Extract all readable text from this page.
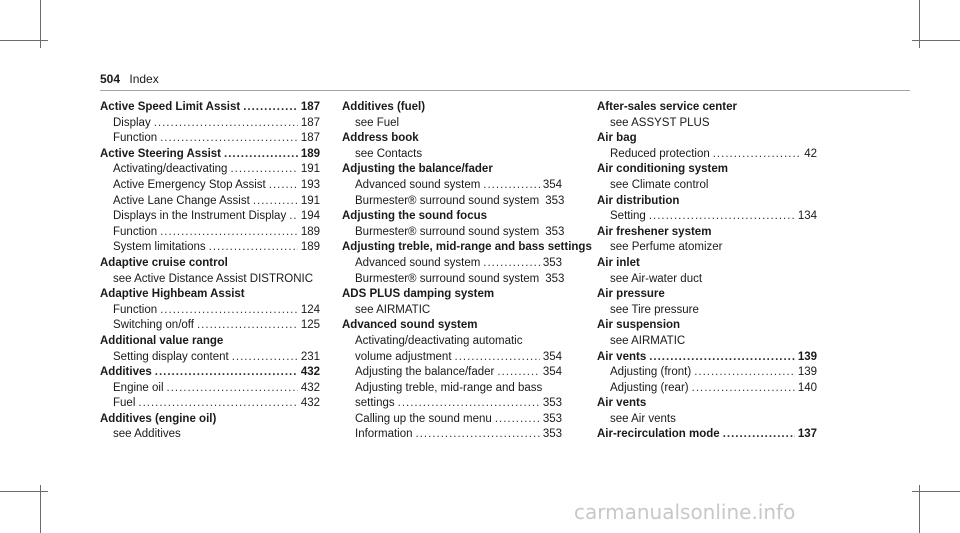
504 Index
Active Speed Limit Assist .....	187
Display .....	187
Function .....	187
Active Steering Assist .....	189
Activating/deactivating .....	191
Active Emergency Stop Assist .....	193
Active Lane Change Assist .....	191
Displays in the Instrument Display ..... 194
Function .....	189
System limitations .....	189
Adaptive cruise control
see Active Distance Assist DISTRONIC
Adaptive Highbeam Assist
Function .....	124
Switching on/off .....	125
Additional value range
Setting display content .....	231
Additives .....	432
Engine oil .....	432
Fuel .....	432
Additives (engine oil)
see Additives
Additives (fuel)
see Fuel
Address book
see Contacts
Adjusting the balance/fader
Advanced sound system .....	354
Burmester® surround sound system 353
Adjusting the sound focus
Burmester® surround sound system 353
Adjusting treble, mid-range and bass settings
Advanced sound system .....	353
Burmester® surround sound system 353
ADS PLUS damping system
see AIRMATIC
Advanced sound system
Activating/deactivating automatic
volume adjustment .....	354
Adjusting the balance/fader .....	354
Adjusting treble, mid-range and bass
settings .....	353
Calling up the sound menu .....	353
Information .....	353
After-sales service center
see ASSYST PLUS
Air bag
Reduced protection .....	42
Air conditioning system
see Climate control
Air distribution
Setting .....	134
Air freshener system
see Perfume atomizer
Air inlet
see Air-water duct
Air pressure
see Tire pressure
Air suspension
see AIRMATIC
Air vents .....	139
Adjusting (front) .....	139
Adjusting (rear) .....	140
Air vents
see Air vents
Air-recirculation mode .....	137
carmanualsonline.info
